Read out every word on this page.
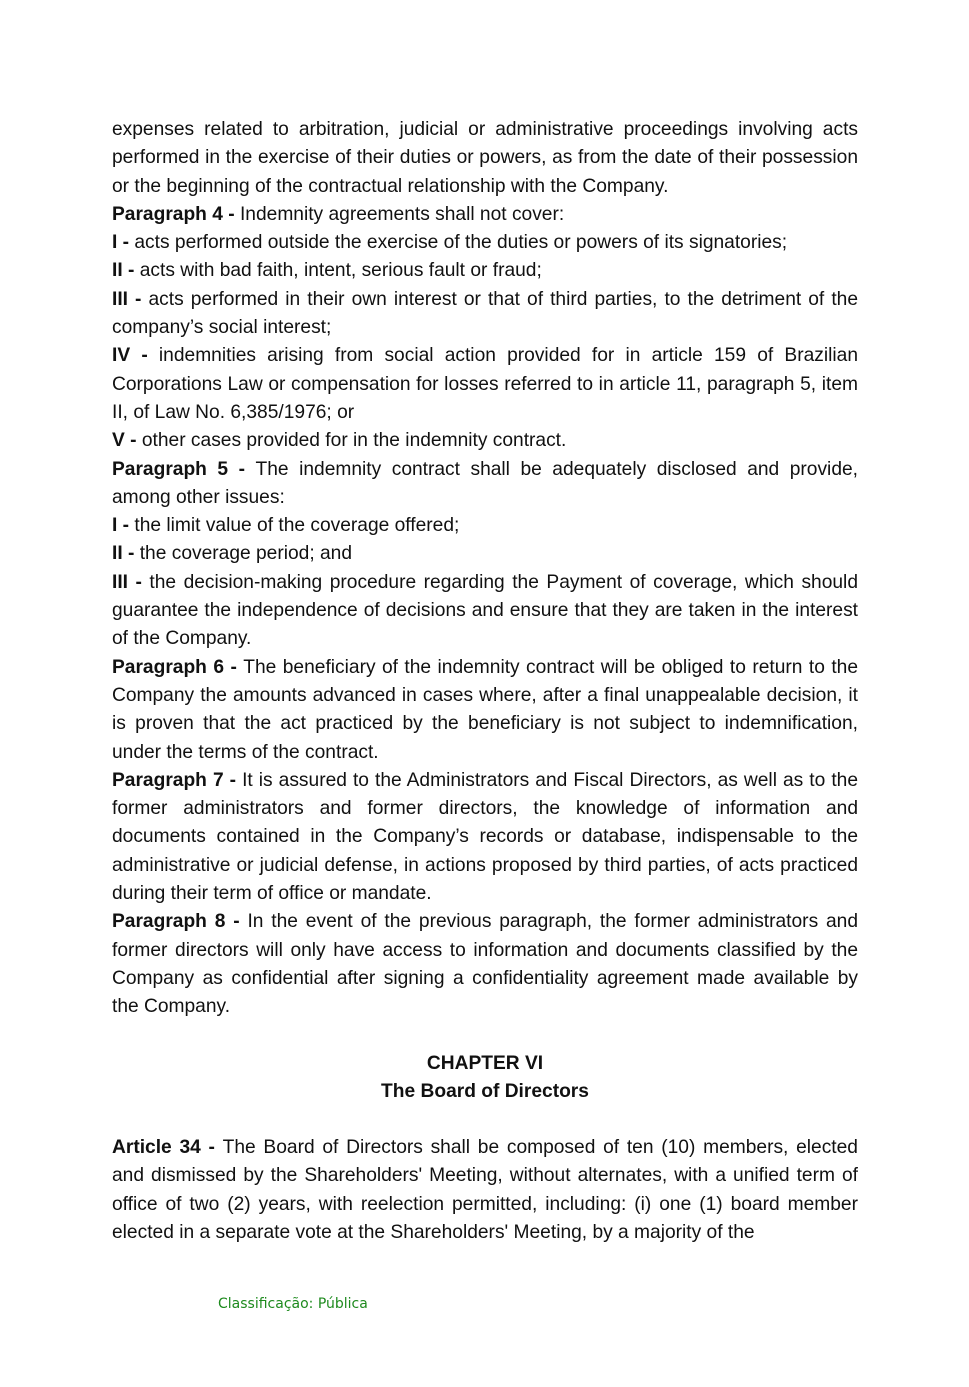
expenses related to arbitration, judicial or administrative proceedings involving acts performed in the exercise of their duties or powers, as from the date of their possession or the beginning of the contractual relationship with the Company.

Paragraph 4 - Indemnity agreements shall not cover:

I - acts performed outside the exercise of the duties or powers of its signatories;

II - acts with bad faith, intent, serious fault or fraud;

III - acts performed in their own interest or that of third parties, to the detriment of the company’s social interest;

IV - indemnities arising from social action provided for in article 159 of Brazilian Corporations Law or compensation for losses referred to in article 11, paragraph 5, item II, of Law No. 6,385/1976; or

V - other cases provided for in the indemnity contract.

Paragraph 5 - The indemnity contract shall be adequately disclosed and provide, among other issues:

I - the limit value of the coverage offered;

II - the coverage period; and

III - the decision-making procedure regarding the Payment of coverage, which should guarantee the independence of decisions and ensure that they are taken in the interest of the Company.

Paragraph 6 - The beneficiary of the indemnity contract will be obliged to return to the Company the amounts advanced in cases where, after a final unappealable decision, it is proven that the act practiced by the beneficiary is not subject to indemnification, under the terms of the contract.

Paragraph 7 - It is assured to the Administrators and Fiscal Directors, as well as to the former administrators and former directors, the knowledge of information and documents contained in the Company’s records or database, indispensable to the administrative or judicial defense, in actions proposed by third parties, of acts practiced during their term of office or mandate.

Paragraph 8 - In the event of the previous paragraph, the former administrators and former directors will only have access to information and documents classified by the Company as confidential after signing a confidentiality agreement made available by the Company.

CHAPTER VI
The Board of Directors

Article 34 - The Board of Directors shall be composed of ten (10) members, elected and dismissed by the Shareholders' Meeting, without alternates, with a unified term of office of two (2) years, with reelection permitted, including: (i) one (1) board member elected in a separate vote at the Shareholders' Meeting, by a majority of the

Classificação: Pública
